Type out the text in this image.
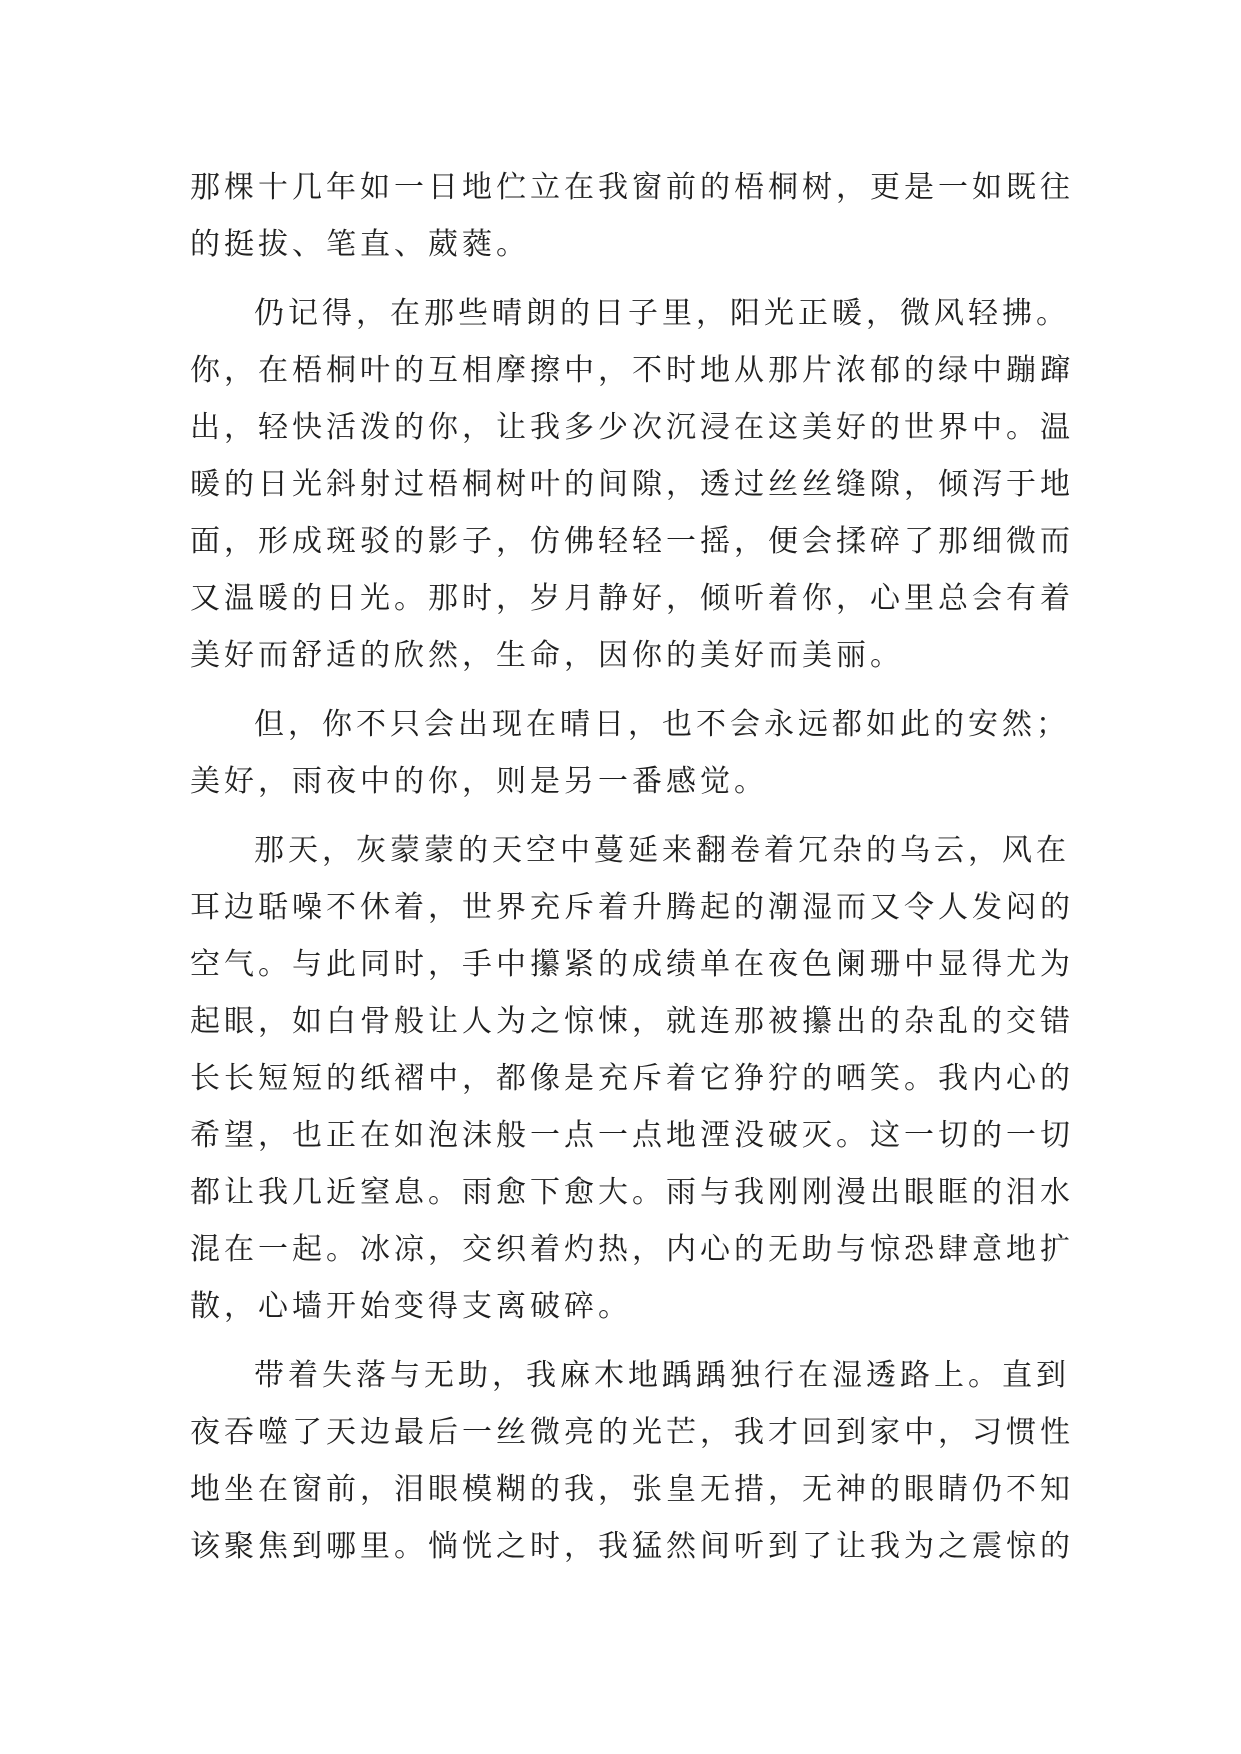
那棵十几年如一日地伫立在我窗前的梧桐树，更是一如既往
的挺拔、笔直、葳蕤。
仍记得，在那些晴朗的日子里，阳光正暖，微风轻拂。
你，在梧桐叶的互相摩擦中，不时地从那片浓郁的绿中蹦蹿
出，轻快活泼的你，让我多少次沉浸在这美好的世界中。温
暖的日光斜射过梧桐树叶的间隙，透过丝丝缝隙，倾泻于地
面，形成斑驳的影子，仿佛轻轻一摇，便会揉碎了那细微而
又温暖的日光。那时，岁月静好，倾听着你，心里总会有着
美好而舒适的欣然，生命，因你的美好而美丽。
但，你不只会出现在晴日，也不会永远都如此的安然；
美好，雨夜中的你，则是另一番感觉。
那天，灰蒙蒙的天空中蔓延来翻卷着冗杂的乌云，风在
耳边聒噪不休着，世界充斥着升腾起的潮湿而又令人发闷的
空气。与此同时，手中攥紧的成绩单在夜色阑珊中显得尤为
起眼，如白骨般让人为之惊悚，就连那被攥出的杂乱的交错
长长短短的纸褶中，都像是充斥着它狰狞的哂笑。我内心的
希望，也正在如泡沫般一点一点地湮没破灭。这一切的一切
都让我几近窒息。雨愈下愈大。雨与我刚刚漫出眼眶的泪水
混在一起。冰凉，交织着灼热，内心的无助与惊恐肆意地扩
散，心墙开始变得支离破碎。
带着失落与无助，我麻木地踽踽独行在湿透路上。直到
夜吞噬了天边最后一丝微亮的光芒，我才回到家中，习惯性
地坐在窗前，泪眼模糊的我，张皇无措，无神的眼睛仍不知
该聚焦到哪里。惝恍之时，我猛然间听到了让我为之震惊的
